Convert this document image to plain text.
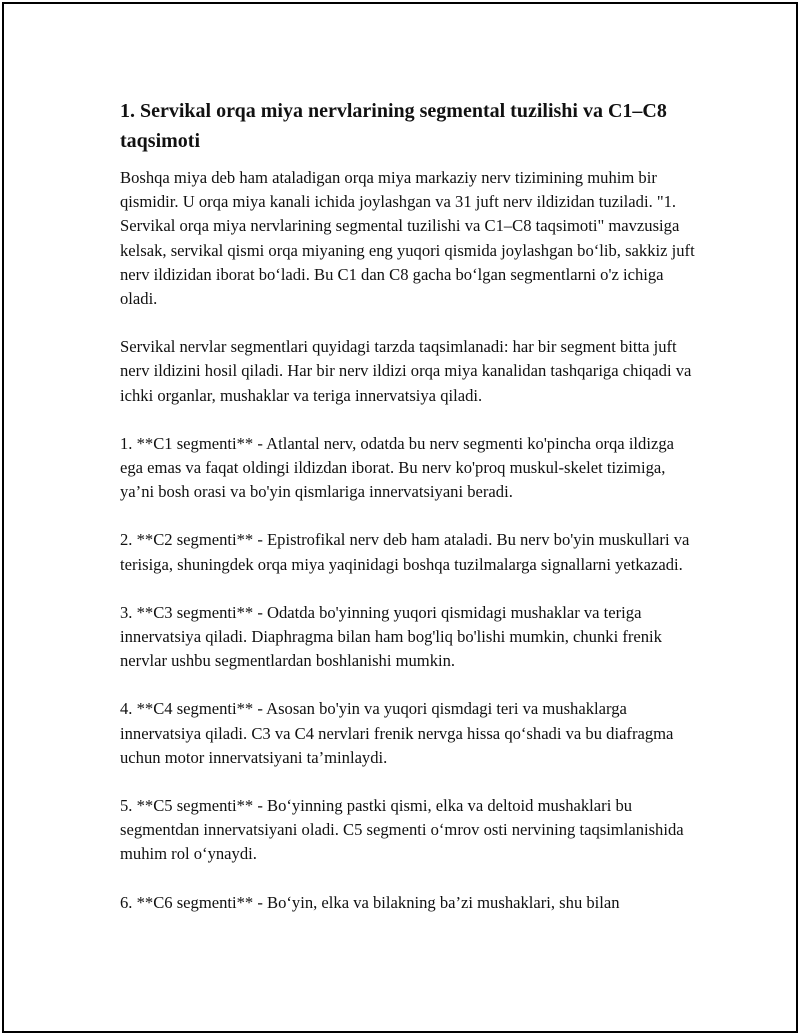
1. Servikal orqa miya nervlarining segmental tuzilishi va C1–C8 taqsimoti

Boshqa miya deb ham ataladigan orqa miya markaziy nerv tizimining muhim bir qismidir. U orqa miya kanali ichida joylashgan va 31 juft nerv ildizidan tuziladi. "1. Servikal orqa miya nervlarining segmental tuzilishi va C1–C8 taqsimoti" mavzusiga kelsak, servikal qismi orqa miyaning eng yuqori qismida joylashgan bo‘lib, sakkiz juft nerv ildizidan iborat bo‘ladi. Bu C1 dan C8 gacha bo‘lgan segmentlarni o'z ichiga oladi.

Servikal nervlar segmentlari quyidagi tarzda taqsimlanadi: har bir segment bitta juft nerv ildizini hosil qiladi. Har bir nerv ildizi orqa miya kanalidan tashqariga chiqadi va ichki organlar, mushaklar va teriga innervatsiya qiladi.

1. **C1 segmenti** - Atlantal nerv, odatda bu nerv segmenti ko'pincha orqa ildizga ega emas va faqat oldingi ildizdan iborat. Bu nerv ko'proq muskul-skelet tizimiga, ya’ni bosh orasi va bo'yin qismlariga innervatsiyani beradi.

2. **C2 segmenti** - Epistrofikal nerv deb ham ataladi. Bu nerv bo'yin muskullari va terisiga, shuningdek orqa miya yaqinidagi boshqa tuzilmalarga signallarni yetkazadi.

3. **C3 segmenti** - Odatda bo'yinning yuqori qismidagi mushaklar va teriga innervatsiya qiladi. Diaphragma bilan ham bog'liq bo'lishi mumkin, chunki frenik nervlar ushbu segmentlardan boshlanishi mumkin.

4. **C4 segmenti** - Asosan bo'yin va yuqori qismdagi teri va mushaklarga innervatsiya qiladi. C3 va C4 nervlari frenik nervga hissa qo‘shadi va bu diafragma uchun motor innervatsiyani ta’minlaydi.

5. **C5 segmenti** - Bo‘yinning pastki qismi, elka va deltoid mushaklari bu segmentdan innervatsiyani oladi. C5 segmenti o‘mrov osti nervining taqsimlanishida muhim rol o‘ynaydi.

6. **C6 segmenti** - Bo‘yin, elka va bilakning ba’zi mushaklari, shu bilan
